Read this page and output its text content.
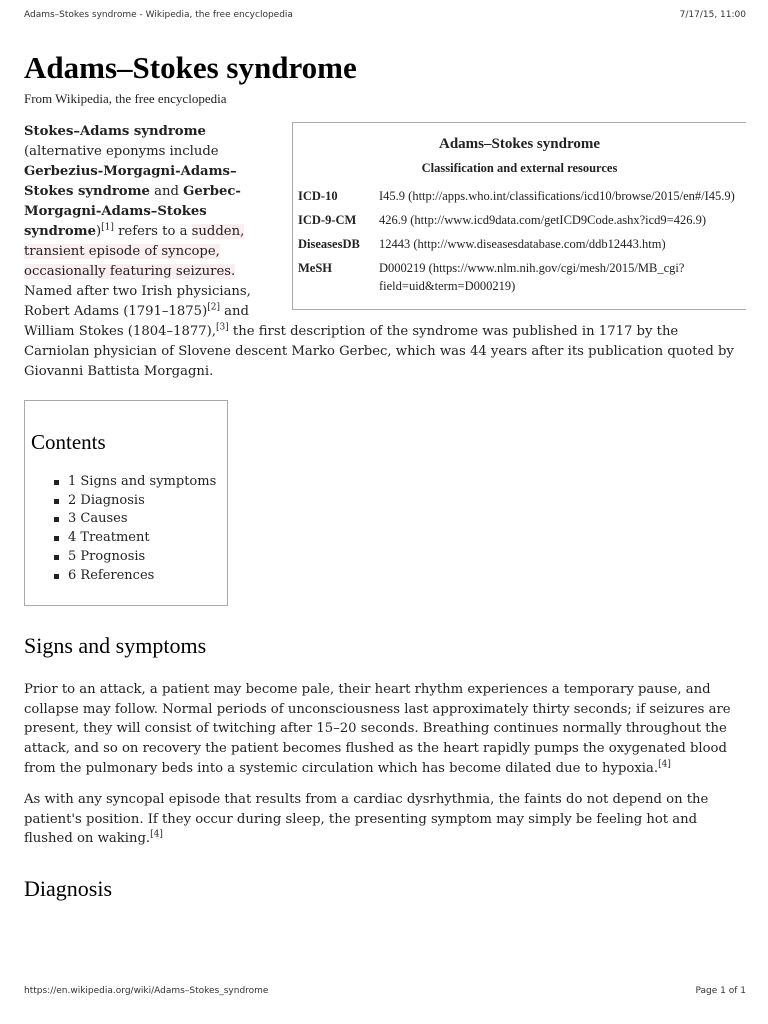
Adams–Stokes syndrome - Wikipedia, the free encyclopedia	7/17/15, 11:00
Adams–Stokes syndrome
From Wikipedia, the free encyclopedia
Adams–Stokes syndrome
Classification and external resources
ICD-10	I45.9 (http://apps.who.int/classifications/icd10/browse/2015/en#/I45.9)
ICD-9-CM	426.9 (http://www.icd9data.com/getICD9Code.ashx?icd9=426.9)
DiseasesDB	12443 (http://www.diseasesdatabase.com/ddb12443.htm)
MeSH	D000219 (https://www.nlm.nih.gov/cgi/mesh/2015/MB_cgi?field=uid&term=D000219)

Stokes–Adams syndrome (alternative eponyms include Gerbezius-Morgagni-Adams–Stokes syndrome and Gerbec-Morgagni-Adams–Stokes syndrome)[1] refers to a sudden, transient episode of syncope, occasionally featuring seizures. Named after two Irish physicians, Robert Adams (1791–1875)[2] and William Stokes (1804–1877),[3] the first description of the syndrome was published in 1717 by the Carniolan physician of Slovene descent Marko Gerbec, which was 44 years after its publication quoted by Giovanni Battista Morgagni.

Contents
1 Signs and symptoms
2 Diagnosis
3 Causes
4 Treatment
5 Prognosis
6 References
Signs and symptoms

Prior to an attack, a patient may become pale, their heart rhythm experiences a temporary pause, and collapse may follow. Normal periods of unconsciousness last approximately thirty seconds; if seizures are present, they will consist of twitching after 15–20 seconds. Breathing continues normally throughout the attack, and so on recovery the patient becomes flushed as the heart rapidly pumps the oxygenated blood from the pulmonary beds into a systemic circulation which has become dilated due to hypoxia.[4]

As with any syncopal episode that results from a cardiac dysrhythmia, the faints do not depend on the patient's position. If they occur during sleep, the presenting symptom may simply be feeling hot and flushed on waking.[4]

Diagnosis
https://en.wikipedia.org/wiki/Adams–Stokes_syndrome	Page 1 of 1
